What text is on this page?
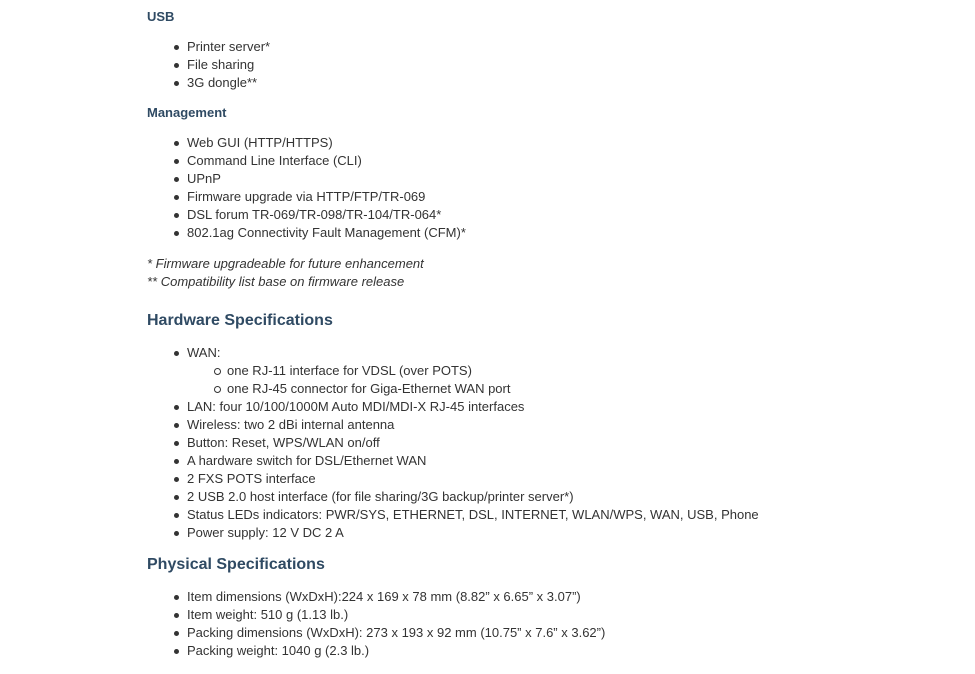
USB
Printer server*
File sharing
3G dongle**
Management
Web GUI (HTTP/HTTPS)
Command Line Interface (CLI)
UPnP
Firmware upgrade via HTTP/FTP/TR-069
DSL forum TR-069/TR-098/TR-104/TR-064*
802.1ag Connectivity Fault Management (CFM)*

* Firmware upgradeable for future enhancement

** Compatibility list base on firmware release

Hardware Specifications
WAN:
one RJ-11 interface for VDSL (over POTS)
one RJ-45 connector for Giga-Ethernet WAN port
LAN: four 10/100/1000M Auto MDI/MDI-X RJ-45 interfaces
Wireless: two 2 dBi internal antenna
Button: Reset, WPS/WLAN on/off
A hardware switch for DSL/Ethernet WAN
2 FXS POTS interface
2 USB 2.0 host interface (for file sharing/3G backup/printer server*)
Status LEDs indicators: PWR/SYS, ETHERNET, DSL, INTERNET, WLAN/WPS, WAN, USB, Phone
Power supply: 12 V DC 2 A
Physical Specifications
Item dimensions (WxDxH):224 x 169 x 78 mm (8.82” x 6.65” x 3.07”)
Item weight: 510 g (1.13 lb.)
Packing dimensions (WxDxH): 273 x 193 x 92 mm (10.75” x 7.6” x 3.62”)
Packing weight: 1040 g (2.3 lb.)
